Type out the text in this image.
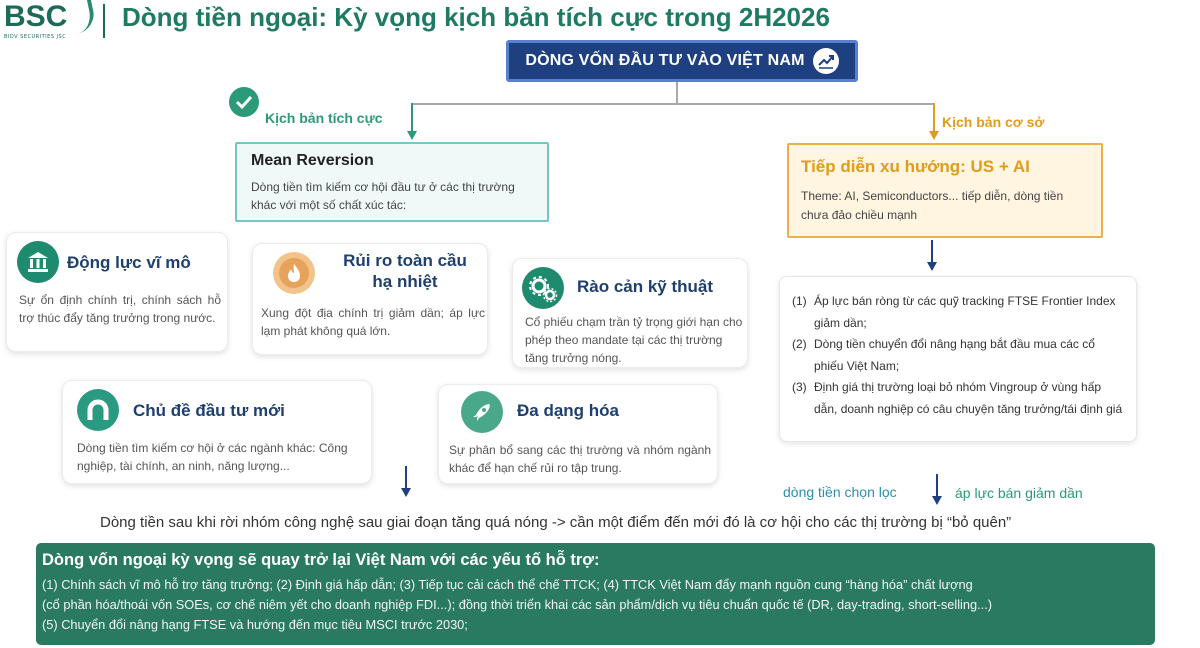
BSC
BIDV SECURITIES JSC
Dòng tiền ngoại: Kỳ vọng kịch bản tích cực trong 2H2026
DÒNG VỐN ĐẦU TƯ VÀO VIỆT NAM
Kịch bản tích cực	Kịch bản cơ sở
Mean Reversion
Dòng tiền tìm kiếm cơ hội đầu tư ở các thị trường khác với một số chất xúc tác:
Tiếp diễn xu hướng: US + AI
Theme: AI, Semiconductors... tiếp diễn, dòng tiền chưa đảo chiều mạnh
Động lực vĩ mô
Sự ổn định chính trị, chính sách hỗ trợ thúc đẩy tăng trưởng trong nước.
Rủi ro toàn cầu
hạ nhiệt
Xung đột địa chính trị giảm dần; áp lực lạm phát không quá lớn.
Rào cản kỹ thuật
Cổ phiếu chạm trần tỷ trọng giới hạn cho phép theo mandate tại các thị trường tăng trưởng nóng.
Chủ đề đầu tư mới
Dòng tiền tìm kiếm cơ hội ở các ngành khác: Công nghiệp, tài chính, an ninh, năng lượng...
Đa dạng hóa
Sự phân bổ sang các thị trường và nhóm ngành khác để hạn chế rủi ro tập trung.
(1) Áp lực bán ròng từ các quỹ tracking FTSE Frontier Index giảm dần;
(2) Dòng tiền chuyển đổi nâng hạng bắt đầu mua các cổ phiếu Việt Nam;
(3) Định giá thị trường loại bỏ nhóm Vingroup ở vùng hấp dẫn, doanh nghiệp có câu chuyện tăng trưởng/tái định giá
dòng tiền chọn lọc	áp lực bán giảm dần
Dòng tiền sau khi rời nhóm công nghệ sau giai đoạn tăng quá nóng -> cần một điểm đến mới đó là cơ hội cho các thị trường bị “bỏ quên”
Dòng vốn ngoại kỳ vọng sẽ quay trở lại Việt Nam với các yếu tố hỗ trợ:
(1) Chính sách vĩ mô hỗ trợ tăng trưởng; (2) Định giá hấp dẫn; (3) Tiếp tục cải cách thể chế TTCK; (4) TTCK Việt Nam đẩy mạnh nguồn cung “hàng hóa” chất lượng
(cổ phần hóa/thoái vốn SOEs, cơ chế niêm yết cho doanh nghiệp FDI...); đồng thời triển khai các sản phẩm/dịch vụ tiêu chuẩn quốc tế (DR, day-trading, short-selling...)
(5) Chuyển đổi nâng hạng FTSE và hướng đến mục tiêu MSCI trước 2030;
